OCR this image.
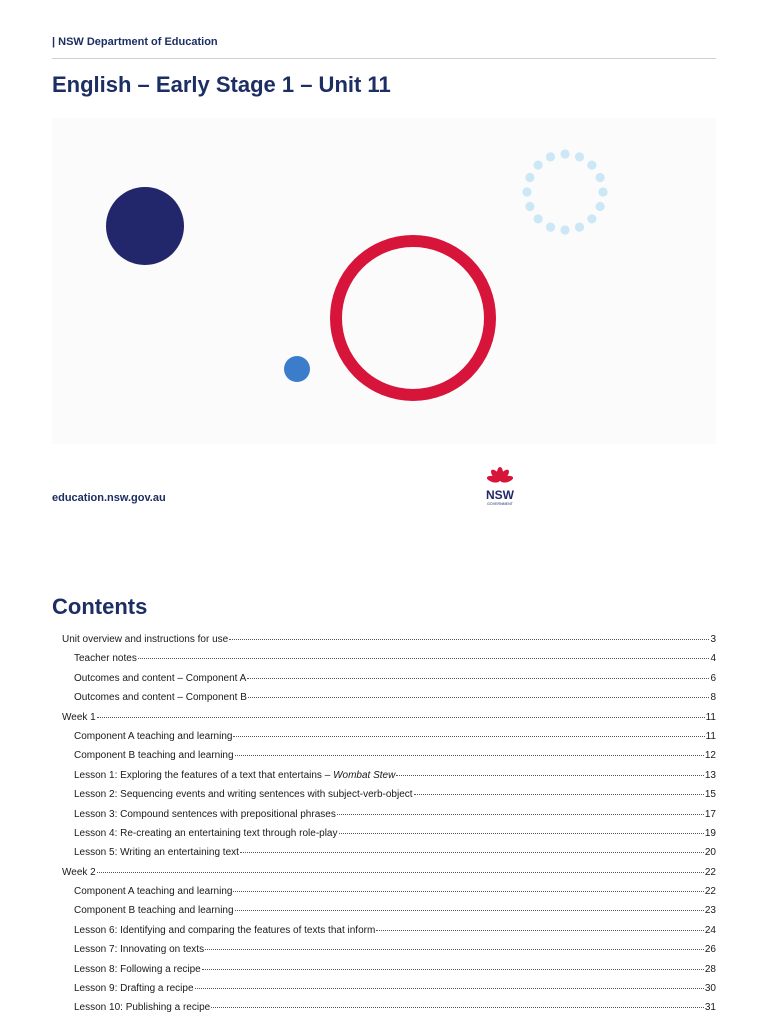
| NSW Department of Education
English – Early Stage 1 – Unit 11
education.nsw.gov.au	NSW
GOVERNMENT
Contents
Unit overview and instructions for use	3
Teacher notes	4
Outcomes and content – Component A	6
Outcomes and content – Component B	8
Week 1	11
Component A teaching and learning	11
Component B teaching and learning	12
Lesson 1: Exploring the features of a text that entertains – Wombat Stew	13
Lesson 2: Sequencing events and writing sentences with subject-verb-object	15
Lesson 3: Compound sentences with prepositional phrases	17
Lesson 4: Re-creating an entertaining text through role-play	19
Lesson 5: Writing an entertaining text	20
Week 2	22
Component A teaching and learning	22
Component B teaching and learning	23
Lesson 6: Identifying and comparing the features of texts that inform	24
Lesson 7: Innovating on texts	26
Lesson 8: Following a recipe	28
Lesson 9: Drafting a recipe	30
Lesson 10: Publishing a recipe	31
